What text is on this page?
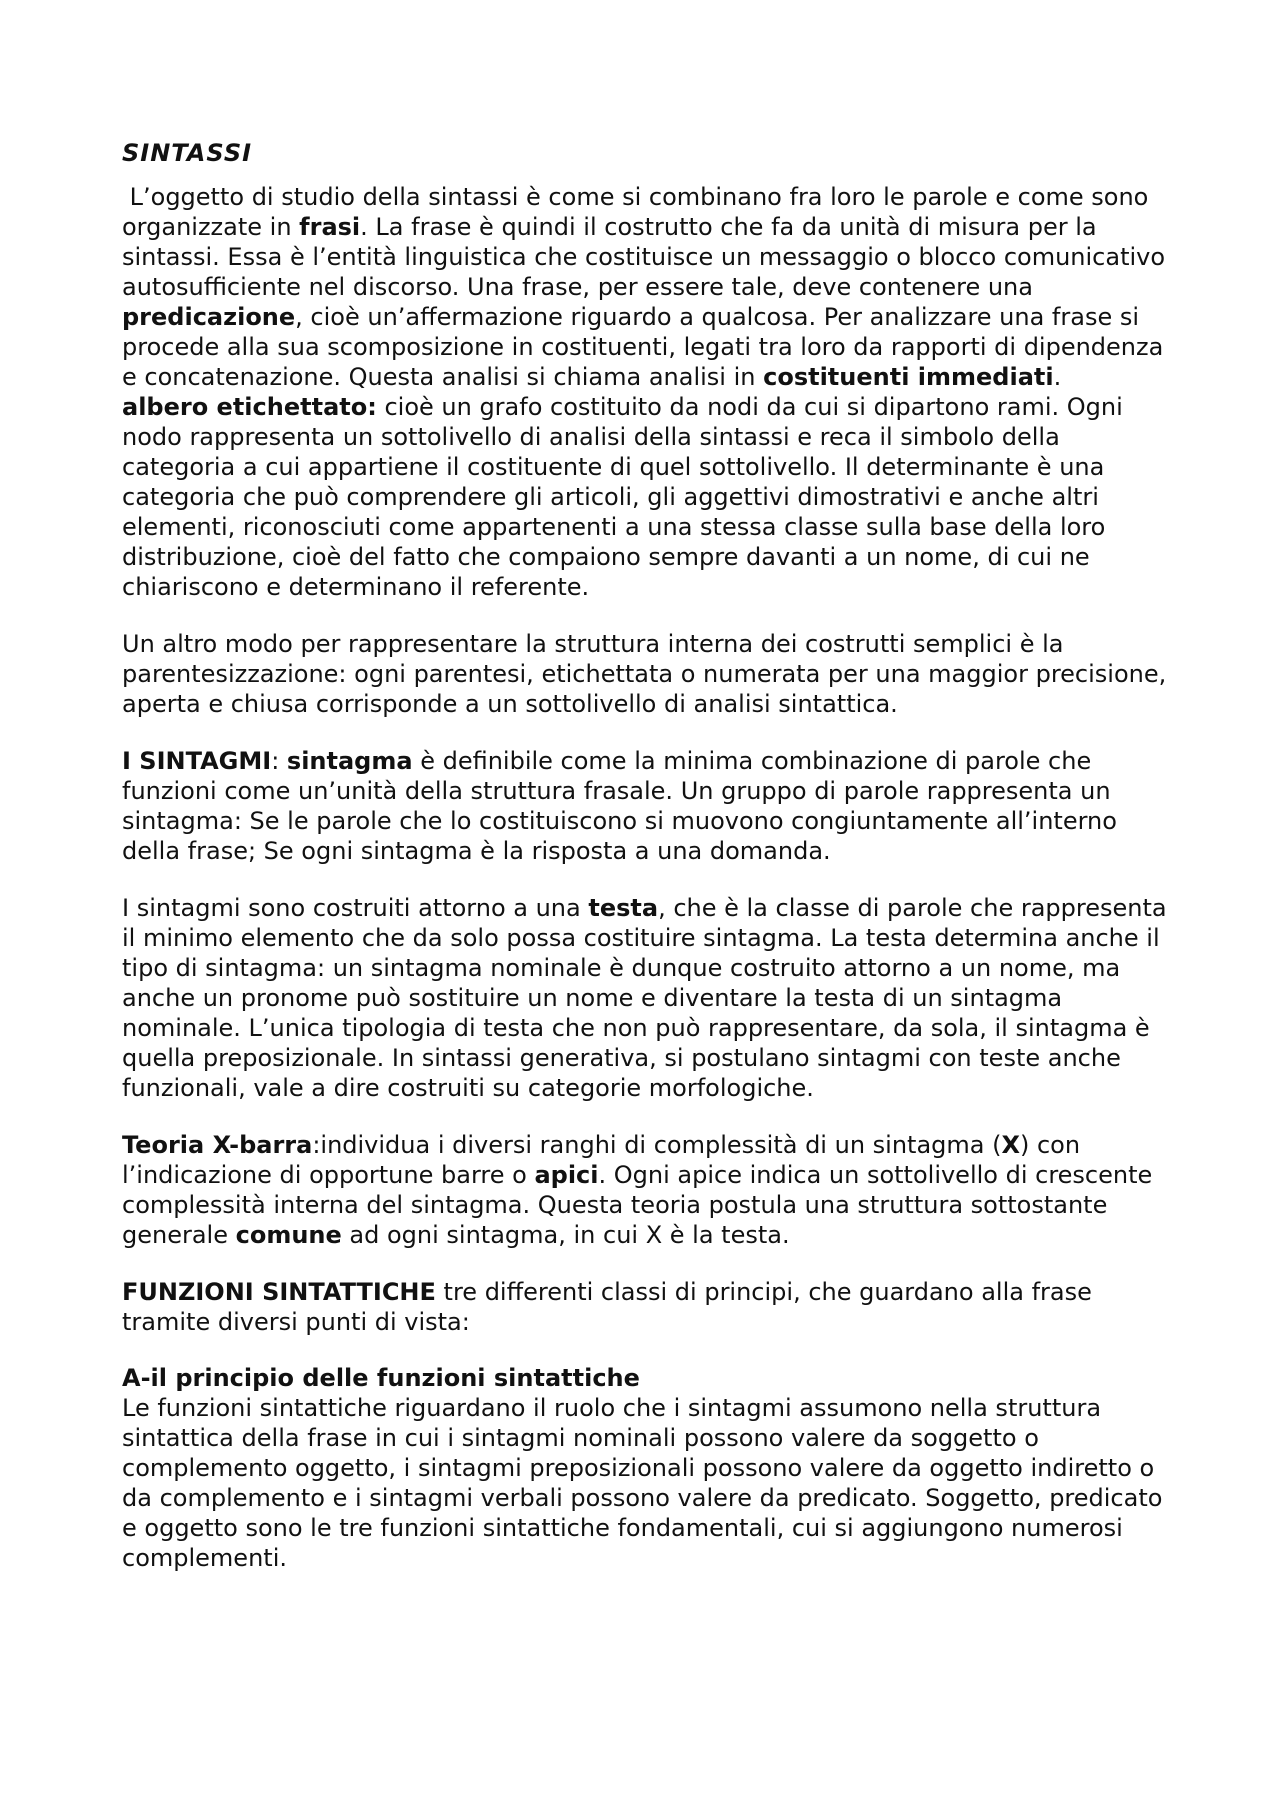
SINTASSI

L’oggetto di studio della sintassi è come si combinano fra loro le parole e come sono organizzate in frasi. La frase è quindi il costrutto che fa da unità di misura per la sintassi. Essa è l’entità linguistica che costituisce un messaggio o blocco comunicativo autosufficiente nel discorso. Una frase, per essere tale, deve contenere una predicazione, cioè un’affermazione riguardo a qualcosa. Per analizzare una frase si procede alla sua scomposizione in costituenti, legati tra loro da rapporti di dipendenza e concatenazione. Questa analisi si chiama analisi in costituenti immediati.

albero etichettato: cioè un grafo costituito da nodi da cui si dipartono rami. Ogni nodo rappresenta un sottolivello di analisi della sintassi e reca il simbolo della categoria a cui appartiene il costituente di quel sottolivello. Il determinante è una categoria che può comprendere gli articoli, gli aggettivi dimostrativi e anche altri elementi, riconosciuti come appartenenti a una stessa classe sulla base della loro distribuzione, cioè del fatto che compaiono sempre davanti a un nome, di cui ne chiariscono e determinano il referente.

Un altro modo per rappresentare la struttura interna dei costrutti semplici è la parentesizzazione: ogni parentesi, etichettata o numerata per una maggior precisione, aperta e chiusa corrisponde a un sottolivello di analisi sintattica.

I SINTAGMI: sintagma è definibile come la minima combinazione di parole che funzioni come un’unità della struttura frasale. Un gruppo di parole rappresenta un sintagma: Se le parole che lo costituiscono si muovono congiuntamente all’interno della frase; Se ogni sintagma è la risposta a una domanda.

I sintagmi sono costruiti attorno a una testa, che è la classe di parole che rappresenta il minimo elemento che da solo possa costituire sintagma. La testa determina anche il tipo di sintagma: un sintagma nominale è dunque costruito attorno a un nome, ma anche un pronome può sostituire un nome e diventare la testa di un sintagma nominale. L’unica tipologia di testa che non può rappresentare, da sola, il sintagma è quella preposizionale. In sintassi generativa, si postulano sintagmi con teste anche funzionali, vale a dire costruiti su categorie morfologiche.

Teoria X-barra:individua i diversi ranghi di complessità di un sintagma (X) con l’indicazione di opportune barre o apici. Ogni apice indica un sottolivello di crescente complessità interna del sintagma. Questa teoria postula una struttura sottostante generale comune ad ogni sintagma, in cui X è la testa.

FUNZIONI SINTATTICHE tre differenti classi di principi, che guardano alla frase tramite diversi punti di vista:

A-il principio delle funzioni sintattiche

Le funzioni sintattiche riguardano il ruolo che i sintagmi assumono nella struttura sintattica della frase in cui i sintagmi nominali possono valere da soggetto o complemento oggetto, i sintagmi preposizionali possono valere da oggetto indiretto o da complemento e i sintagmi verbali possono valere da predicato. Soggetto, predicato e oggetto sono le tre funzioni sintattiche fondamentali, cui si aggiungono numerosi complementi.
